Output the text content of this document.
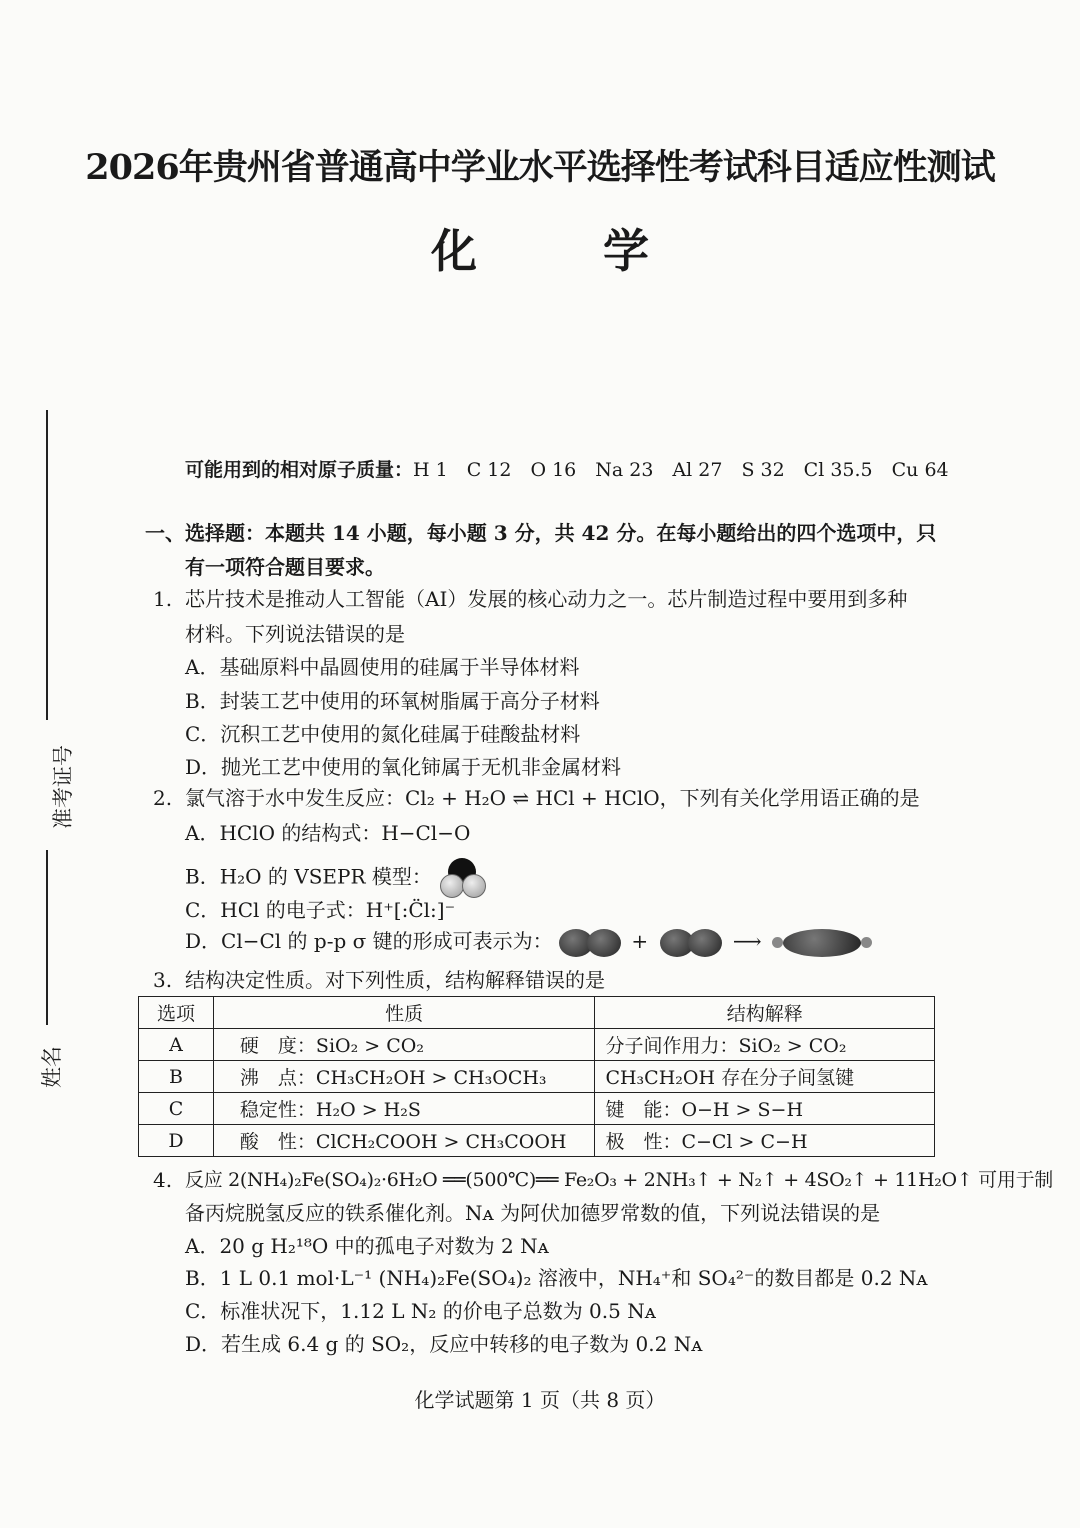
2026年贵州省普通高中学业水平选择性考试科目适应性测试
化　学
准考证号
姓名
可能用到的相对原子质量：H 1　C 12　O 16　Na 23　Al 27　S 32　Cl 35.5　Cu 64
一、选择题：本题共 14 小题，每小题 3 分，共 42 分。在每小题给出的四个选项中，只
有一项符合题目要求。
1. 芯片技术是推动人工智能（AI）发展的核心动力之一。芯片制造过程中要用到多种
材料。下列说法错误的是
A．基础原料中晶圆使用的硅属于半导体材料
B．封装工艺中使用的环氧树脂属于高分子材料
C．沉积工艺中使用的氮化硅属于硅酸盐材料
D．抛光工艺中使用的氧化铈属于无机非金属材料
2. 氯气溶于水中发生反应：Cl₂ + H₂O ⇌ HCl + HClO，下列有关化学用语正确的是
A．HClO 的结构式：H−Cl−O
B．H₂O 的 VSEPR 模型：
C．HCl 的电子式：H⁺[:C̈l:]⁻
D．Cl−Cl 的 p-p σ 键的形成可表示为：	+	⟶
3. 结构决定性质。对下列性质，结构解释错误的是
选项	性质	结构解释
A	硬　度：SiO₂ > CO₂	分子间作用力：SiO₂ > CO₂
B	沸　点：CH₃CH₂OH > CH₃OCH₃	CH₃CH₂OH 存在分子间氢键
C	稳定性：H₂O > H₂S	键　能：O−H > S−H
D	酸　性：ClCH₂COOH > CH₃COOH	极　性：C−Cl > C−H
4. 反应 2(NH₄)₂Fe(SO₄)₂·6H₂O ══(500℃)══ Fe₂O₃ + 2NH₃↑ + N₂↑ + 4SO₂↑ + 11H₂O↑ 可用于制
备丙烷脱氢反应的铁系催化剂。Nᴀ 为阿伏加德罗常数的值，下列说法错误的是
A．20 g H₂¹⁸O 中的孤电子对数为 2 Nᴀ
B．1 L 0.1 mol·L⁻¹ (NH₄)₂Fe(SO₄)₂ 溶液中，NH₄⁺和 SO₄²⁻的数目都是 0.2 Nᴀ
C．标准状况下，1.12 L N₂ 的价电子总数为 0.5 Nᴀ
D．若生成 6.4 g 的 SO₂，反应中转移的电子数为 0.2 Nᴀ
化学试题第 1 页（共 8 页）
